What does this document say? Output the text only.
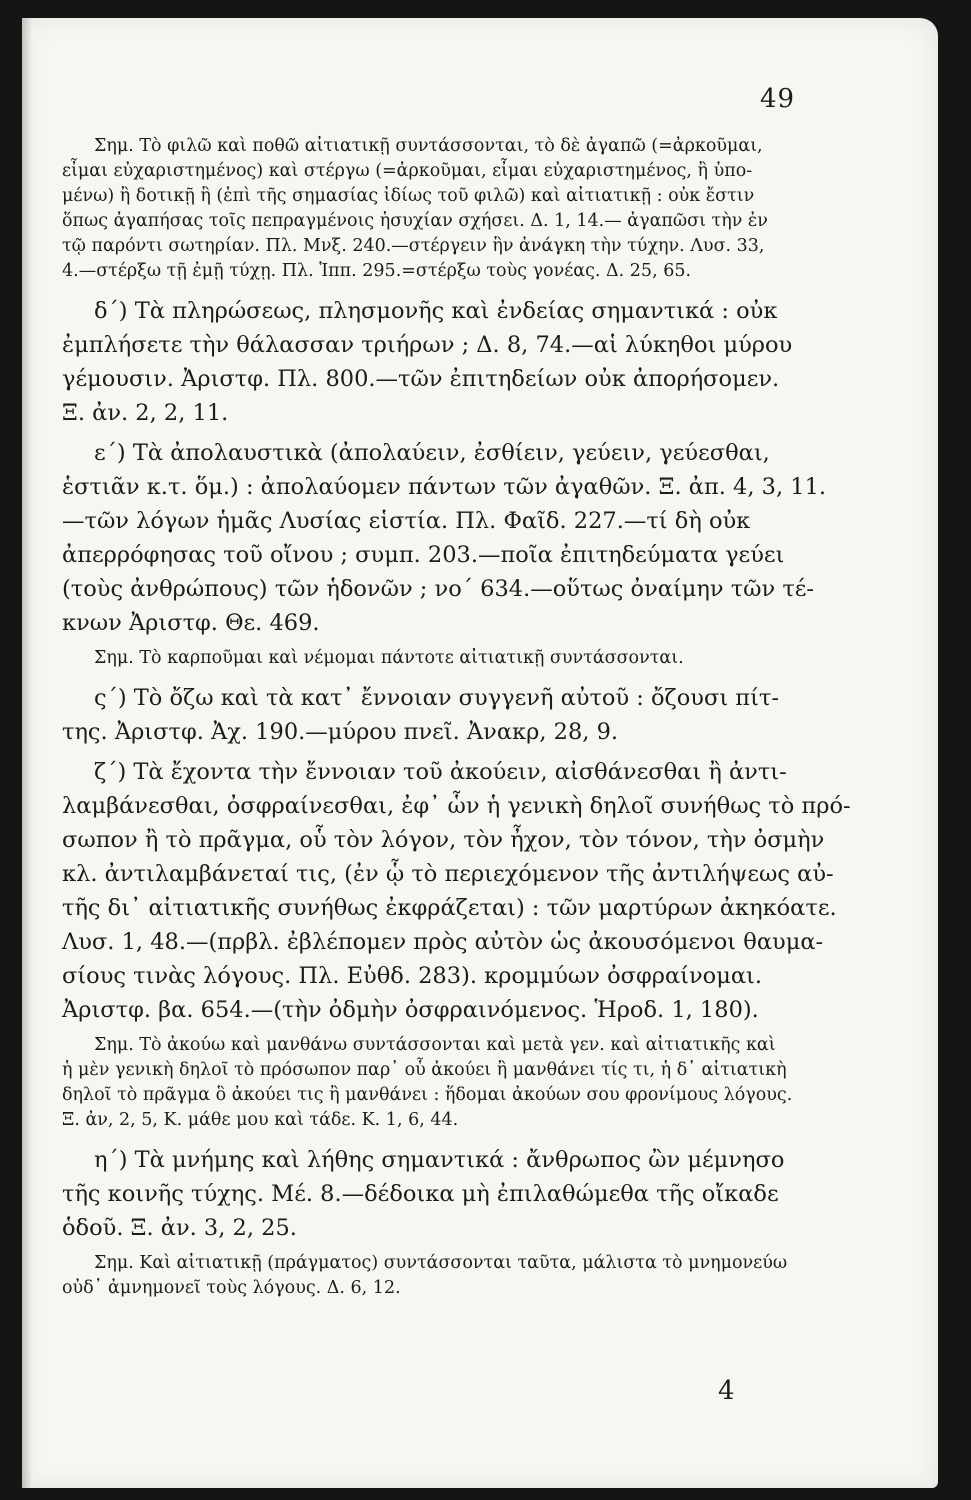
49

Σημ. Τὸ φιλῶ καὶ ποθῶ αἰτιατικῇ συντάσσονται, τὸ δὲ ἀγαπῶ (=ἀρκοῦμαι,
εἶμαι εὐχαριστημένος) καὶ στέργω (=ἀρκοῦμαι, εἶμαι εὐχαριστημένος, ἢ ὑπο-
μένω) ἢ δοτικῇ ἢ (ἐπὶ τῆς σημασίας ἰδίως τοῦ φιλῶ) καὶ αἰτιατικῇ : οὐκ ἔστιν
ὅπως ἀγαπήσας τοῖς πεπραγμένοις ἡσυχίαν σχήσει. Δ. 1, 14.— ἀγαπῶσι τὴν ἐν
τῷ παρόντι σωτηρίαν. Πλ. Μνξ. 240.—στέργειν ἣν ἀνάγκη τὴν τύχην. Λυσ. 33,
4.—στέρξω τῇ ἐμῇ τύχῃ. Πλ. Ἱππ. 295.=στέρξω τοὺς γονέας. Δ. 25, 65.

δ´) Τὰ πληρώσεως, πλησμονῆς καὶ ἐνδείας σημαντικά : οὐκ
ἐμπλήσετε τὴν θάλασσαν τριήρων ; Δ. 8, 74.—αἱ λύκηθοι μύρου
γέμουσιν. Ἀριστφ. Πλ. 800.—τῶν ἐπιτηδείων οὐκ ἀπορήσομεν.
Ξ. ἀν. 2, 2, 11.

ε´) Τὰ ἀπολαυστικὰ (ἀπολαύειν, ἐσθίειν, γεύειν, γεύεσθαι,
ἑστιᾶν κ.τ. ὅμ.) : ἀπολαύομεν πάντων τῶν ἀγαθῶν. Ξ. ἀπ. 4, 3, 11.
—τῶν λόγων ἡμᾶς Λυσίας εἱστία. Πλ. Φαῖδ. 227.—τί δὴ οὐκ
ἀπερρόφησας τοῦ οἴνου ; συμπ. 203.—ποῖα ἐπιτηδεύματα γεύει
(τοὺς ἀνθρώπους) τῶν ἡδονῶν ; νο´ 634.—οὕτως ὀναίμην τῶν τέ-
κνων Ἀριστφ. Θε. 469.

Σημ. Τὸ καρποῦμαι καὶ νέμομαι πάντοτε αἰτιατικῇ συντάσσονται.

ς´) Τὸ ὄζω καὶ τὰ κατ᾽ ἔννοιαν συγγενῆ αὐτοῦ : ὄζουσι πίτ-
της. Ἀριστφ. Ἀχ. 190.—μύρου πνεῖ. Ἀνακρ, 28, 9.

ζ´) Τὰ ἔχοντα τὴν ἔννοιαν τοῦ ἀκούειν, αἰσθάνεσθαι ἢ ἀντι-
λαμβάνεσθαι, ὀσφραίνεσθαι, ἐφ᾽ ὧν ἡ γενικὴ δηλοῖ συνήθως τὸ πρό-
σωπον ἢ τὸ πρᾶγμα, οὗ τὸν λόγον, τὸν ἦχον, τὸν τόνον, τὴν ὀσμὴν
κλ. ἀντιλαμβάνεταί τις, (ἐν ᾧ τὸ περιεχόμενον τῆς ἀντιλήψεως αὐ-
τῆς δι᾽ αἰτιατικῆς συνήθως ἐκφράζεται) : τῶν μαρτύρων ἀκηκόατε.
Λυσ. 1, 48.—(πρβλ. ἐβλέπομεν πρὸς αὐτὸν ὡς ἀκουσόμενοι θαυμα-
σίους τινὰς λόγους. Πλ. Εὐθδ. 283). κρομμύων ὀσφραίνομαι.
Ἀριστφ. βα. 654.—(τὴν ὀδμὴν ὀσφραινόμενος. Ἡροδ. 1, 180).

Σημ. Τὸ ἀκούω καὶ μανθάνω συντάσσονται καὶ μετὰ γεν. καὶ αἰτιατικῆς καὶ
ἡ μὲν γενικὴ δηλοῖ τὸ πρόσωπον παρ᾽ οὗ ἀκούει ἢ μανθάνει τίς τι, ἡ δ᾽ αἰτιατικὴ
δηλοῖ τὸ πρᾶγμα ὃ ἀκούει τις ἢ μανθάνει : ἥδομαι ἀκούων σου φρονίμους λόγους.
Ξ. ἀν, 2, 5, Κ. μάθε μου καὶ τάδε. Κ. 1, 6, 44.

η´) Τὰ μνήμης καὶ λήθης σημαντικά : ἄνθρωπος ὢν μέμνησο
τῆς κοινῆς τύχης. Μέ. 8.—δέδοικα μὴ ἐπιλαθώμεθα τῆς οἴκαδε
ὁδοῦ. Ξ. ἀν. 3, 2, 25.

Σημ. Καὶ αἰτιατικῇ (πράγματος) συντάσσονται ταῦτα, μάλιστα τὸ μνημονεύω
οὐδ᾽ ἀμνημονεῖ τοὺς λόγους. Δ. 6, 12.

4
